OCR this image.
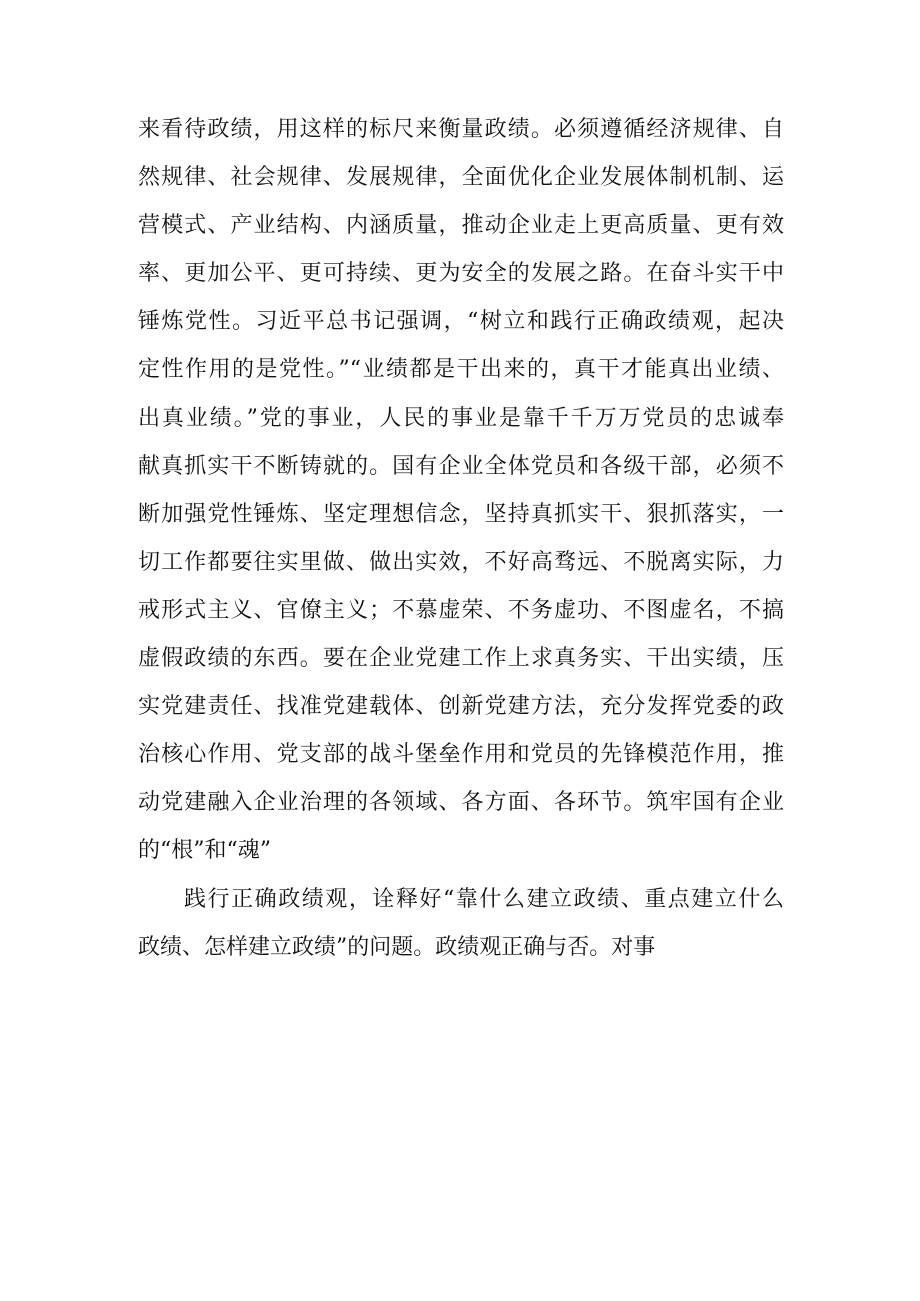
来看待政绩，用这样的标尺来衡量政绩。必须遵循经济规律、自
然规律、社会规律、发展规律，全面优化企业发展体制机制、运
营模式、产业结构、内涵质量，推动企业走上更高质量、更有效
率、更加公平、更可持续、更为安全的发展之路。在奋斗实干中
锤炼党性。习近平总书记强调，“树立和践行正确政绩观，起决
定性作用的是党性。”“业绩都是干出来的，真干才能真出业绩、
出真业绩。”党的事业，人民的事业是靠千千万万党员的忠诚奉
献真抓实干不断铸就的。国有企业全体党员和各级干部，必须不
断加强党性锤炼、坚定理想信念，坚持真抓实干、狠抓落实，一
切工作都要往实里做、做出实效，不好高骛远、不脱离实际，力
戒形式主义、官僚主义；不慕虚荣、不务虚功、不图虚名，不搞
虚假政绩的东西。要在企业党建工作上求真务实、干出实绩，压
实党建责任、找准党建载体、创新党建方法，充分发挥党委的政
治核心作用、党支部的战斗堡垒作用和党员的先锋模范作用，推
动党建融入企业治理的各领域、各方面、各环节。筑牢国有企业
的“根”和“魂”
践行正确政绩观，诠释好“靠什么建立政绩、重点建立什么
政绩、怎样建立政绩”的问题。政绩观正确与否。对事
